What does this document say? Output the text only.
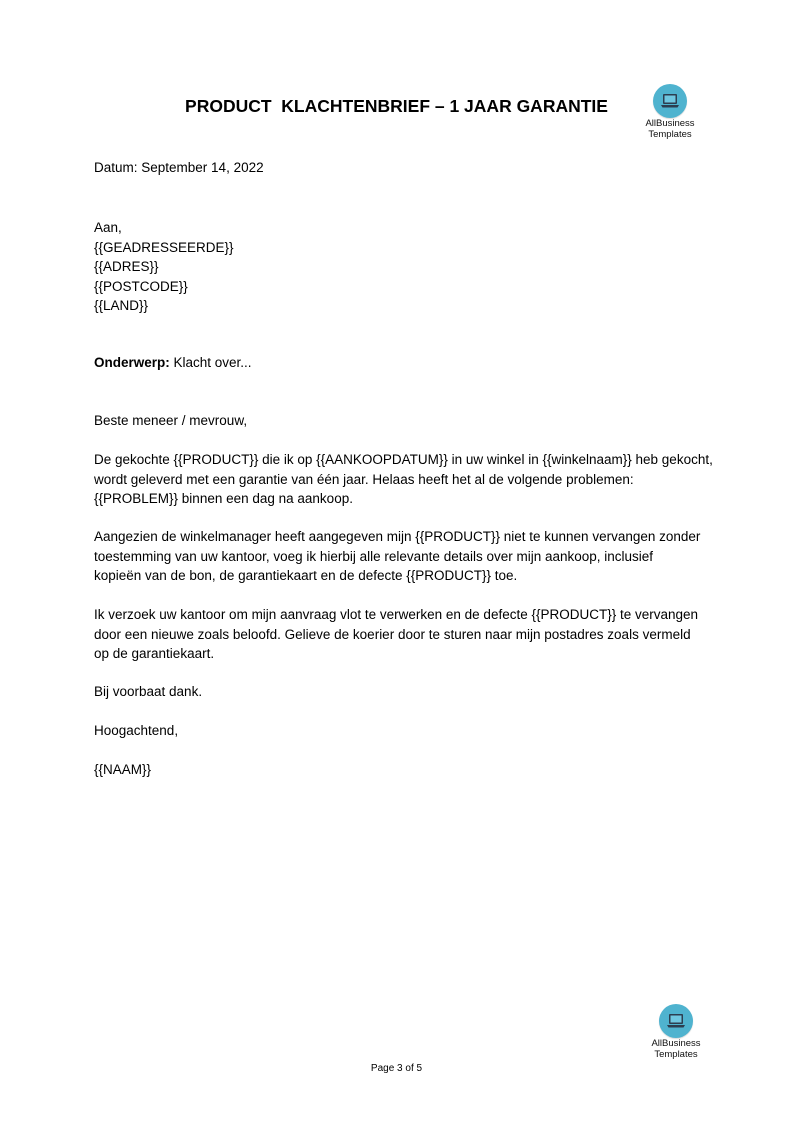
PRODUCT  KLACHTENBRIEF – 1 JAAR GARANTIE
AllBusiness
Templates
Datum: September 14, 2022
Aan,
{{GEADRESSEERDE}}
{{ADRES}}
{{POSTCODE}}
{{LAND}}
Onderwerp: Klacht over...
Beste meneer / mevrouw,
De gekochte {{PRODUCT}} die ik op {{AANKOOPDATUM}} in uw winkel in {{winkelnaam}} heb gekocht,
wordt geleverd met een garantie van één jaar. Helaas heeft het al de volgende problemen:
{{PROBLEM}} binnen een dag na aankoop.
Aangezien de winkelmanager heeft aangegeven mijn {{PRODUCT}} niet te kunnen vervangen zonder
toestemming van uw kantoor, voeg ik hierbij alle relevante details over mijn aankoop, inclusief
kopieën van de bon, de garantiekaart en de defecte {{PRODUCT}} toe.
Ik verzoek uw kantoor om mijn aanvraag vlot te verwerken en de defecte {{PRODUCT}} te vervangen
door een nieuwe zoals beloofd. Gelieve de koerier door te sturen naar mijn postadres zoals vermeld
op de garantiekaart.
Bij voorbaat dank.
Hoogachtend,
{{NAAM}}
AllBusiness
Templates
Page 3 of 5
